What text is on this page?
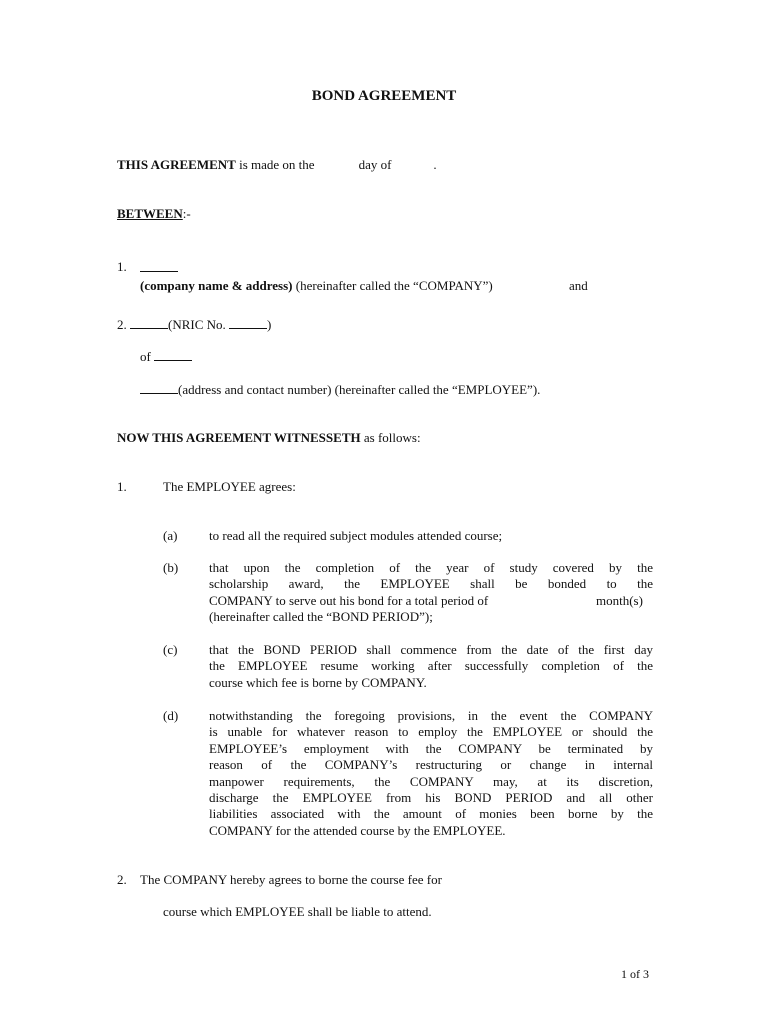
BOND AGREEMENT
THIS AGREEMENT is made on the	day of	.
BETWEEN:-
1.
(company name & address) (hereinafter called the “COMPANY”)	and
2.	(NRIC No.	)
of
(address and contact number) (hereinafter called the “EMPLOYEE”).
NOW THIS AGREEMENT WITNESSETH as follows:
1.	The EMPLOYEE agrees:
(a) to read all the required subject modules attended course;
(b) that upon the completion of the year of study covered by the
scholarship award, the EMPLOYEE shall be bonded to the
COMPANY to serve out his bond for a total period of	month(s)
(hereinafter called the “BOND PERIOD”);
(c) that the BOND PERIOD shall commence from the date of the first day
the EMPLOYEE resume working after successfully completion of the
course which fee is borne by COMPANY.
(d) notwithstanding the foregoing provisions, in the event the COMPANY
is unable for whatever reason to employ the EMPLOYEE or should the
EMPLOYEE’s employment with the COMPANY be terminated by
reason of the COMPANY’s restructuring or change in internal
manpower requirements, the COMPANY may, at its discretion,
discharge the EMPLOYEE from his BOND PERIOD and all other
liabilities associated with the amount of monies been borne by the
COMPANY for the attended course by the EMPLOYEE.
2. The COMPANY hereby agrees to borne the course fee for
course which EMPLOYEE shall be liable to attend.
1 of 3
